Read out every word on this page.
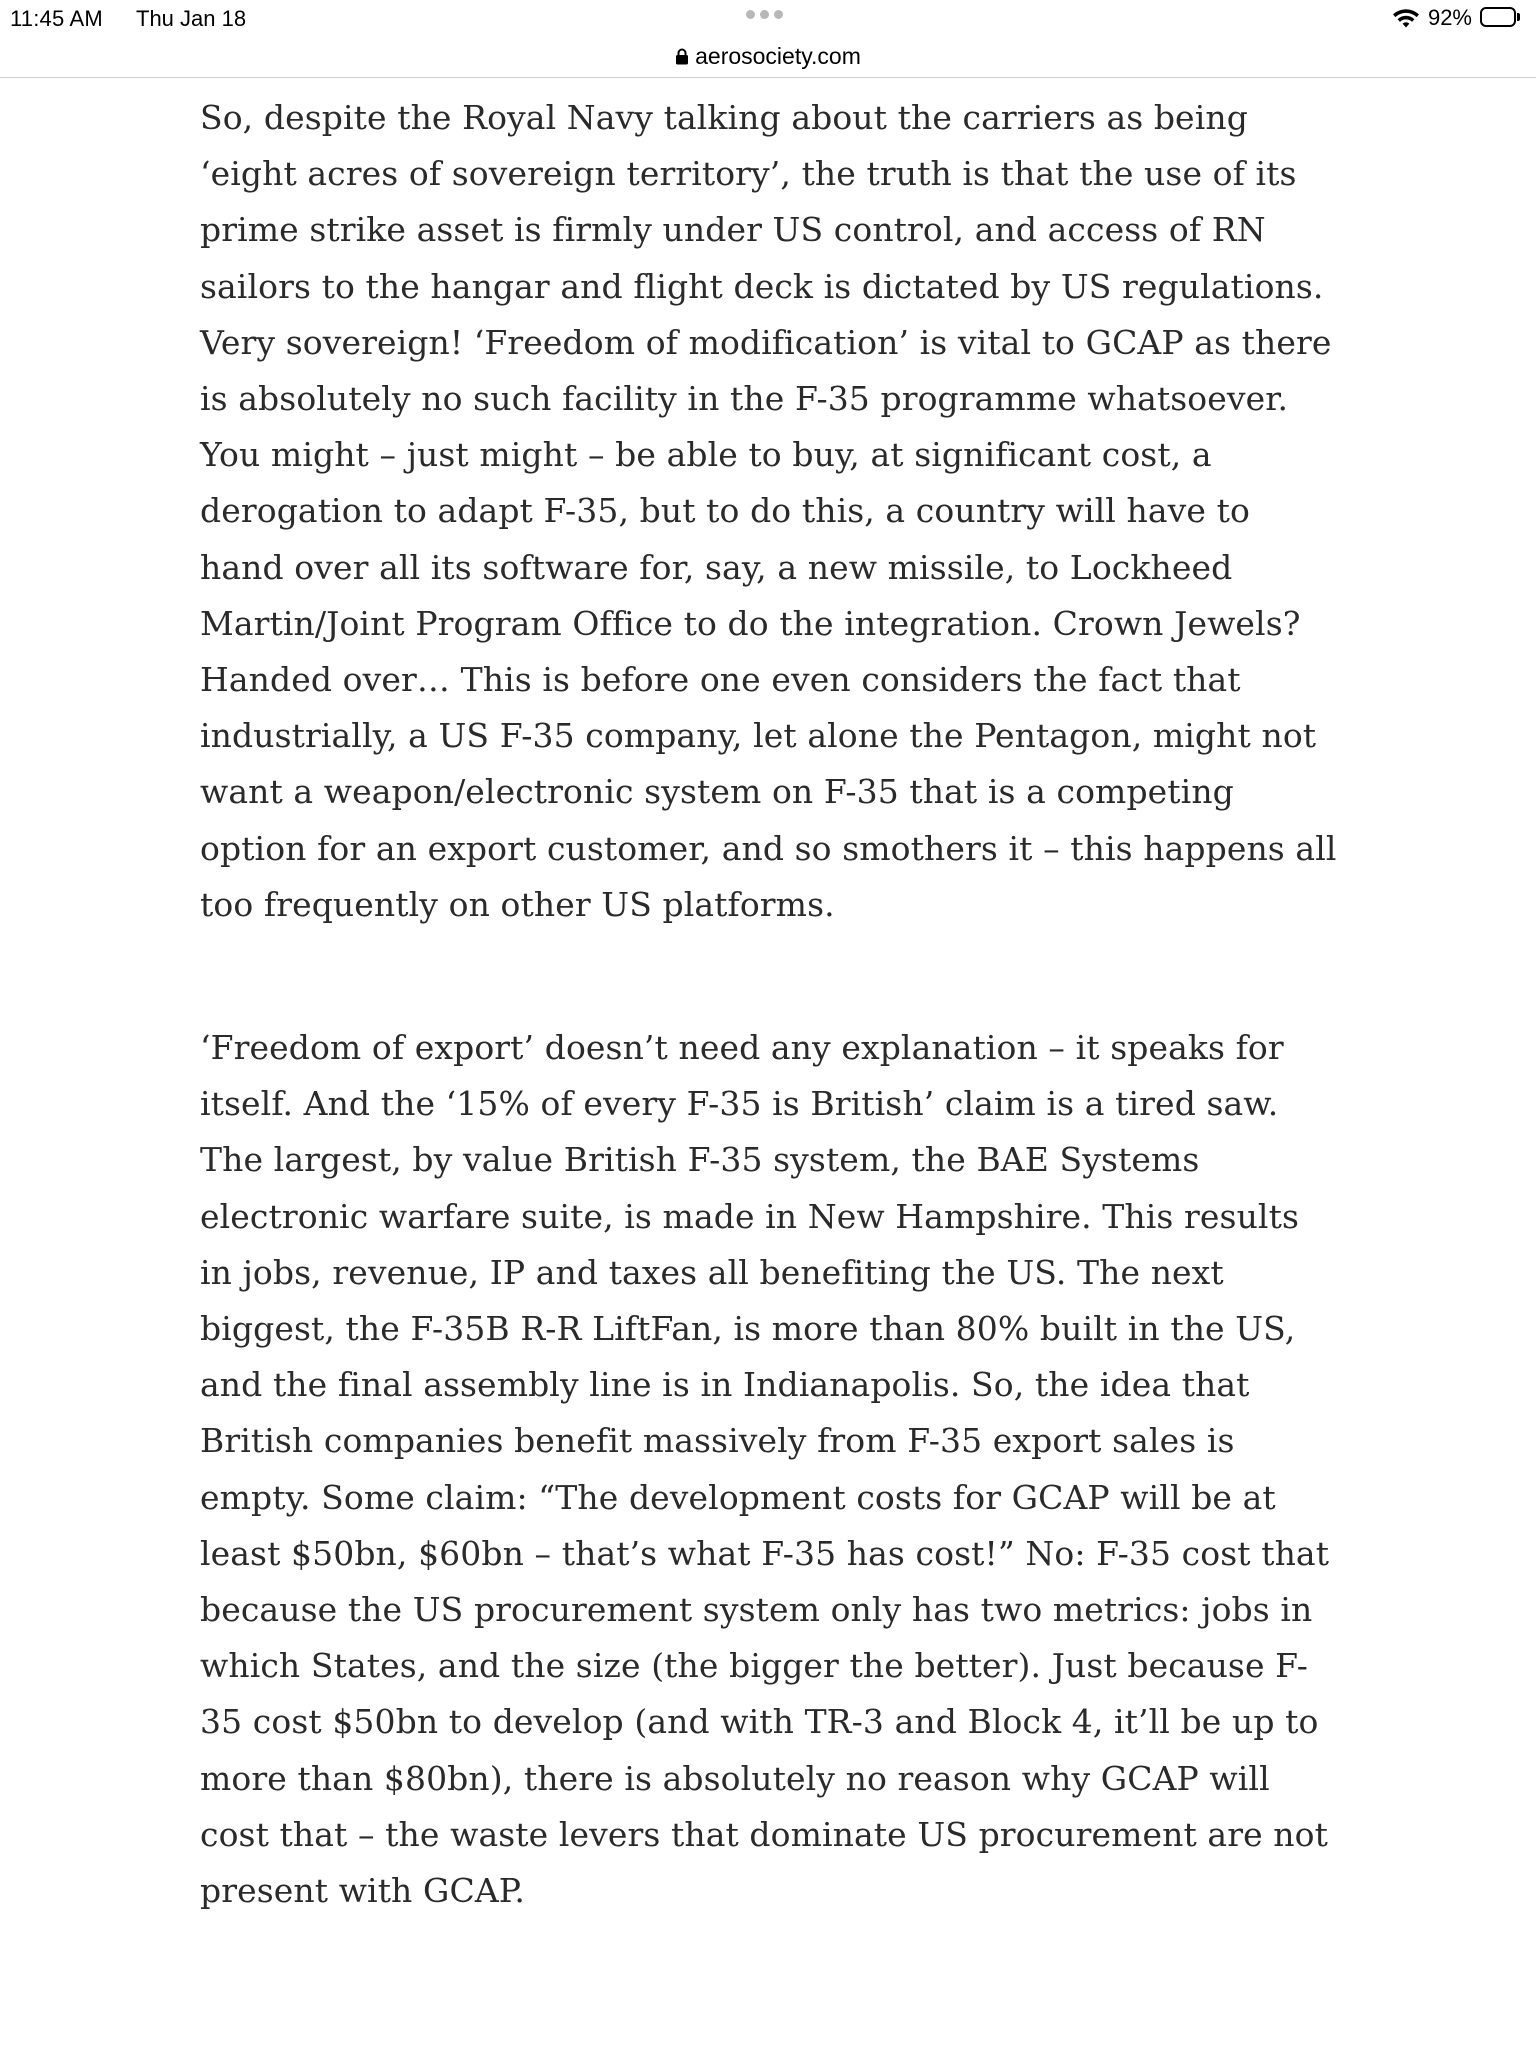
11:45 AM Thu Jan 18	92%
aerosociety.com

So, despite the Royal Navy talking about the carriers as being ‘eight acres of sovereign territory’, the truth is that the use of its prime strike asset is firmly under US control, and access of RN sailors to the hangar and flight deck is dictated by US regulations. Very sovereign! ‘Freedom of modification’ is vital to GCAP as there is absolutely no such facility in the F-35 programme whatsoever. You might – just might – be able to buy, at significant cost, a derogation to adapt F-35, but to do this, a country will have to hand over all its software for, say, a new missile, to Lockheed Martin/Joint Program Office to do the integration. Crown Jewels? Handed over… This is before one even considers the fact that industrially, a US F-35 company, let alone the Pentagon, might not want a weapon/electronic system on F-35 that is a competing option for an export customer, and so smothers it – this happens all too frequently on other US platforms.

‘Freedom of export’ doesn’t need any explanation – it speaks for itself. And the ‘15% of every F-35 is British’ claim is a tired saw. The largest, by value British F-35 system, the BAE Systems electronic warfare suite, is made in New Hampshire. This results in jobs, revenue, IP and taxes all benefiting the US. The next biggest, the F-35B R-R LiftFan, is more than 80% built in the US, and the final assembly line is in Indianapolis. So, the idea that British companies benefit massively from F-35 export sales is empty. Some claim: “The development costs for GCAP will be at least $50bn, $60bn – that’s what F-35 has cost!” No: F-35 cost that because the US procurement system only has two metrics: jobs in which States, and the size (the bigger the better). Just because F-35 cost $50bn to develop (and with TR-3 and Block 4, it’ll be up to more than $80bn), there is absolutely no reason why GCAP will cost that – the waste levers that dominate US procurement are not present with GCAP.
